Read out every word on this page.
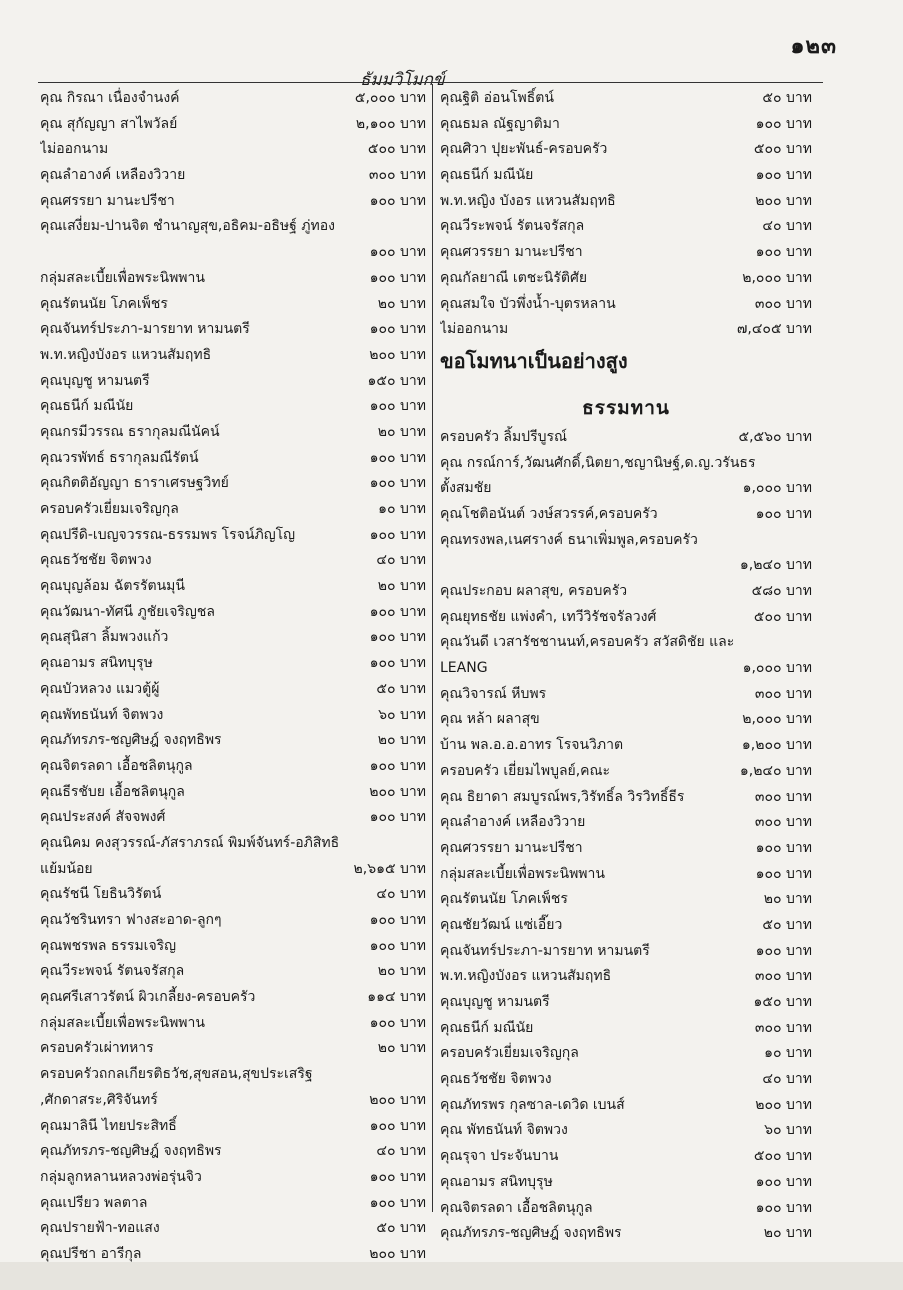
๑๒๓
ธัมมวิโมกข์
คุณ กิรณา เนื่องจำนงค์	๕,๐๐๐ บาท
คุณ สุกัญญา สาไพวัลย์	๒,๑๐๐ บาท
ไม่ออกนาม	๕๐๐ บาท
คุณลำอางค์ เหลืองวิวาย	๓๐๐ บาท
คุณศรรยา มานะปรีชา	๑๐๐ บาท
คุณเสงี่ยม-ปานจิต ชำนาญสุข,อธิคม-อธิษฐ์ ภู่ทอง
๑๐๐ บาท
กลุ่มสละเบี้ยเพื่อพระนิพพาน	๑๐๐ บาท
คุณรัตนนัย โภคเพ็ชร	๒๐ บาท
คุณจันทร์ประภา-มารยาท หามนตรี	๑๐๐ บาท
พ.ท.หญิงบังอร แหวนสัมฤทธิ	๒๐๐ บาท
คุณบุญชู หามนตรี	๑๕๐ บาท
คุณธนีก์ มณีนัย	๑๐๐ บาท
คุณกรมีวรรณ ธรากุลมณีนัคน์	๒๐ บาท
คุณวรพัทธ์ ธรากุลมณีรัตน์	๑๐๐ บาท
คุณกิตติอัญญา ธาราเศรษฐวิทย์	๑๐๐ บาท
ครอบครัวเยี่ยมเจริญกุล	๑๐ บาท
คุณปรีดิ-เบญจวรรณ-ธรรมพร โรจน์ภิญโญ	๑๐๐ บาท
คุณธวัชชัย จิตพวง	๔๐ บาท
คุณบุญล้อม ฉัตรรัตนมุนี	๒๐ บาท
คุณวัฒนา-ทัศนี ภูชัยเจริญชล	๑๐๐ บาท
คุณสุนิสา ลิ้มพวงแก้ว	๑๐๐ บาท
คุณอามร สนิทบุรุษ	๑๐๐ บาท
คุณบัวหลวง แมวตู้ผู้	๕๐ บาท
คุณพัทธนันท์ จิตพวง	๖๐ บาท
คุณภัทรภร-ชญศิษฎ์ จงฤทธิพร	๒๐ บาท
คุณจิตรลดา เอื้อชลิตนุกูล	๑๐๐ บาท
คุณธีรชับย เอื้อชลิตนุกูล	๒๐๐ บาท
คุณประสงค์ สัจจพงศ์	๑๐๐ บาท
คุณนิคม คงสุวรรณ์-ภัสราภรณ์ พิมพ์จันทร์-อภิสิทธิ
แย้มน้อย	๒,๖๑๕ บาท
คุณรัชนี โยธินวิรัตน์	๔๐ บาท
คุณวัชรินทรา ฟางสะอาด-ลูกๆ	๑๐๐ บาท
คุณพชรพล ธรรมเจริญ	๑๐๐ บาท
คุณวีระพจน์ รัตนจรัสกุล	๒๐ บาท
คุณศรีเสาวรัตน์ ผิวเกลี้ยง-ครอบครัว	๑๑๔ บาท
กลุ่มสละเบี้ยเพื่อพระนิพพาน	๑๐๐ บาท
ครอบครัวเผ่าทหาร	๒๐ บาท
ครอบครัวถกลเกียรติธวัช,สุขสอน,สุขประเสริฐ
,ศักดาสระ,ศิริจันทร์	๒๐๐ บาท
คุณมาลินี ไทยประสิทธิ์	๑๐๐ บาท
คุณภัทรภร-ชญศิษฎ์ จงฤทธิพร	๔๐ บาท
กลุ่มลูกหลานหลวงพ่อรุ่นจิว	๑๐๐ บาท
คุณเปรียว พลตาล	๑๐๐ บาท
คุณปรายฟ้า-ทอแสง	๕๐ บาท
คุณปรีชา อารีกุล	๒๐๐ บาท
คุณฐิติ อ่อนโพธิ์ตน์	๕๐ บาท
คุณธมล ณัฐญาติมา	๑๐๐ บาท
คุณศิวา ปุยะพันธ์-ครอบครัว	๕๐๐ บาท
คุณธนีก์ มณีนัย	๑๐๐ บาท
พ.ท.หญิง บังอร แหวนสัมฤทธิ	๒๐๐ บาท
คุณวีระพจน์ รัตนจรัสกุล	๔๐ บาท
คุณศวรรยา มานะปรีชา	๑๐๐ บาท
คุณกัลยาณี เตชะนิรัติศัย	๒,๐๐๐ บาท
คุณสมใจ บัวพึ่งน้ำ-บุตรหลาน	๓๐๐ บาท
ไม่ออกนาม	๗,๔๐๕ บาท
ขอโมทนาเป็นอย่างสูง
ธรรมทาน
ครอบครัว ลิ้มปรีบูรณ์	๕,๕๖๐ บาท
คุณ กรณ์การ์,วัฒนศักดิ์,นิตยา,ชญานิษฐ์,ด.ญ.วรันธร
ตั้งสมชัย	๑,๐๐๐ บาท
คุณโชติอนันต์ วงษ์สวรรค์,ครอบครัว	๑๐๐ บาท
คุณทรงพล,เนศรางค์ ธนาเพิ่มพูล,ครอบครัว
๑,๒๔๐ บาท
คุณประกอบ ผลาสุข, ครอบครัว	๕๘๐ บาท
คุณยุทธชัย แพ่งคำ, เทวีวิรัชจรัลวงศ์	๕๐๐ บาท
คุณวันดี เวสารัชชานนท์,ครอบครัว สวัสดิชัย และ
LEANG	๑,๐๐๐ บาท
คุณวิจารณ์ หีบพร	๓๐๐ บาท
คุณ หล้า ผลาสุข	๒,๐๐๐ บาท
บ้าน พล.อ.อ.อาทร โรจนวิภาต	๑,๒๐๐ บาท
ครอบครัว เยี่ยมไพบูลย์,คณะ	๑,๒๔๐ บาท
คุณ ธิยาดา สมบูรณ์พร,วิรัทธิ์ล วิรวิทธิ์ธีร	๓๐๐ บาท
คุณลำอางค์ เหลืองวิวาย	๓๐๐ บาท
คุณศวรรยา มานะปรีชา	๑๐๐ บาท
กลุ่มสละเบี้ยเพื่อพระนิพพาน	๑๐๐ บาท
คุณรัตนนัย โภคเพ็ชร	๒๐ บาท
คุณชัยวัฒน์ แซ่เอี๊ยว	๕๐ บาท
คุณจันทร์ประภา-มารยาท หามนตรี	๑๐๐ บาท
พ.ท.หญิงบังอร แหวนสัมฤทธิ	๓๐๐ บาท
คุณบุญชู หามนตรี	๑๕๐ บาท
คุณธนีก์ มณีนัย	๓๐๐ บาท
ครอบครัวเยี่ยมเจริญกุล	๑๐ บาท
คุณธวัชชัย จิตพวง	๔๐ บาท
คุณภัทรพร กุลซาล-เดวิด เบนส์	๒๐๐ บาท
คุณ พัทธนันท์ จิตพวง	๖๐ บาท
คุณรุจา ประจันบาน	๕๐๐ บาท
คุณอามร สนิทบุรุษ	๑๐๐ บาท
คุณจิตรลดา เอื้อชลิตนุกูล	๑๐๐ บาท
คุณภัทรภร-ชญศิษฎ์ จงฤทธิพร	๒๐ บาท
